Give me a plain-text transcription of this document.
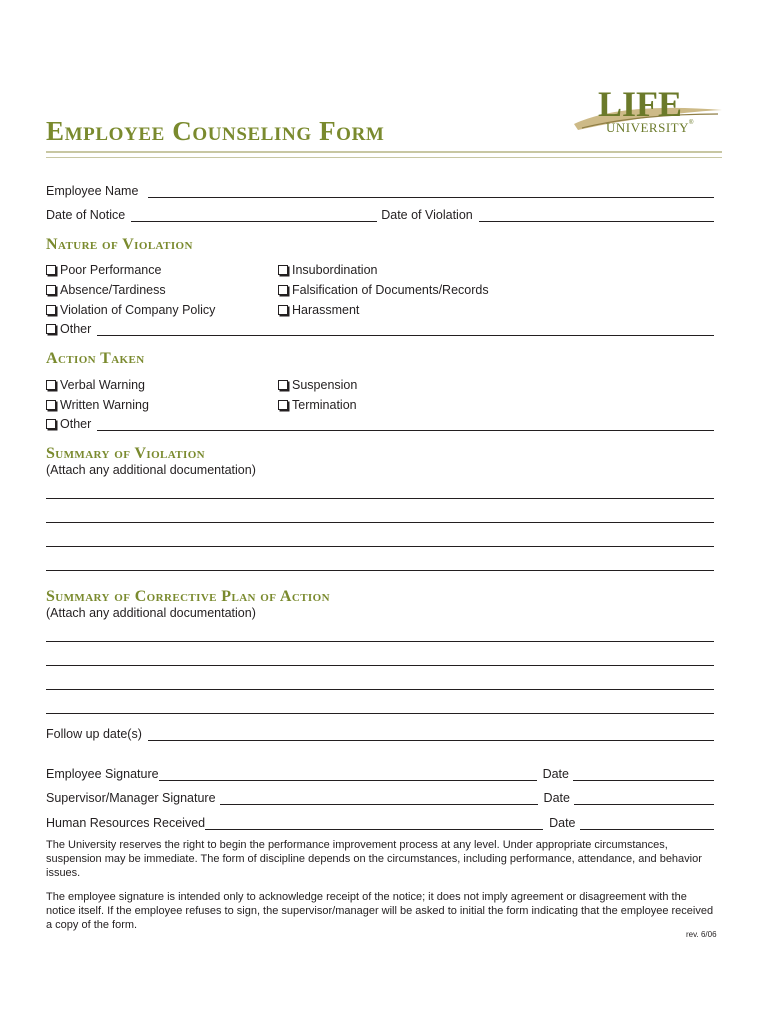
Employee Counseling Form
LIFE
UNIVERSITY ®
Employee Name
Date of Notice	Date of Violation
Nature of Violation
Poor Performance	Insubordination
Absence/Tardiness	Falsification of Documents/Records
Violation of Company Policy	Harassment
Other
Action Taken
Verbal Warning	Suspension
Written Warning	Termination
Other
Summary of Violation
(Attach any additional documentation)
Summary of Corrective Plan of Action
(Attach any additional documentation)
Follow up date(s)
Employee Signature	Date
Supervisor/Manager Signature	Date
Human Resources Received	Date
The University reserves the right to begin the performance improvement process at any level. Under appropriate circumstances, suspension may be immediate. The form of discipline depends on the circumstances, including performance, attendance, and behavior issues.
The employee signature is intended only to acknowledge receipt of the notice; it does not imply agreement or disagreement with the notice itself. If the employee refuses to sign, the supervisor/manager will be asked to initial the form indicating that the employee received a copy of the form.
rev. 6/06
